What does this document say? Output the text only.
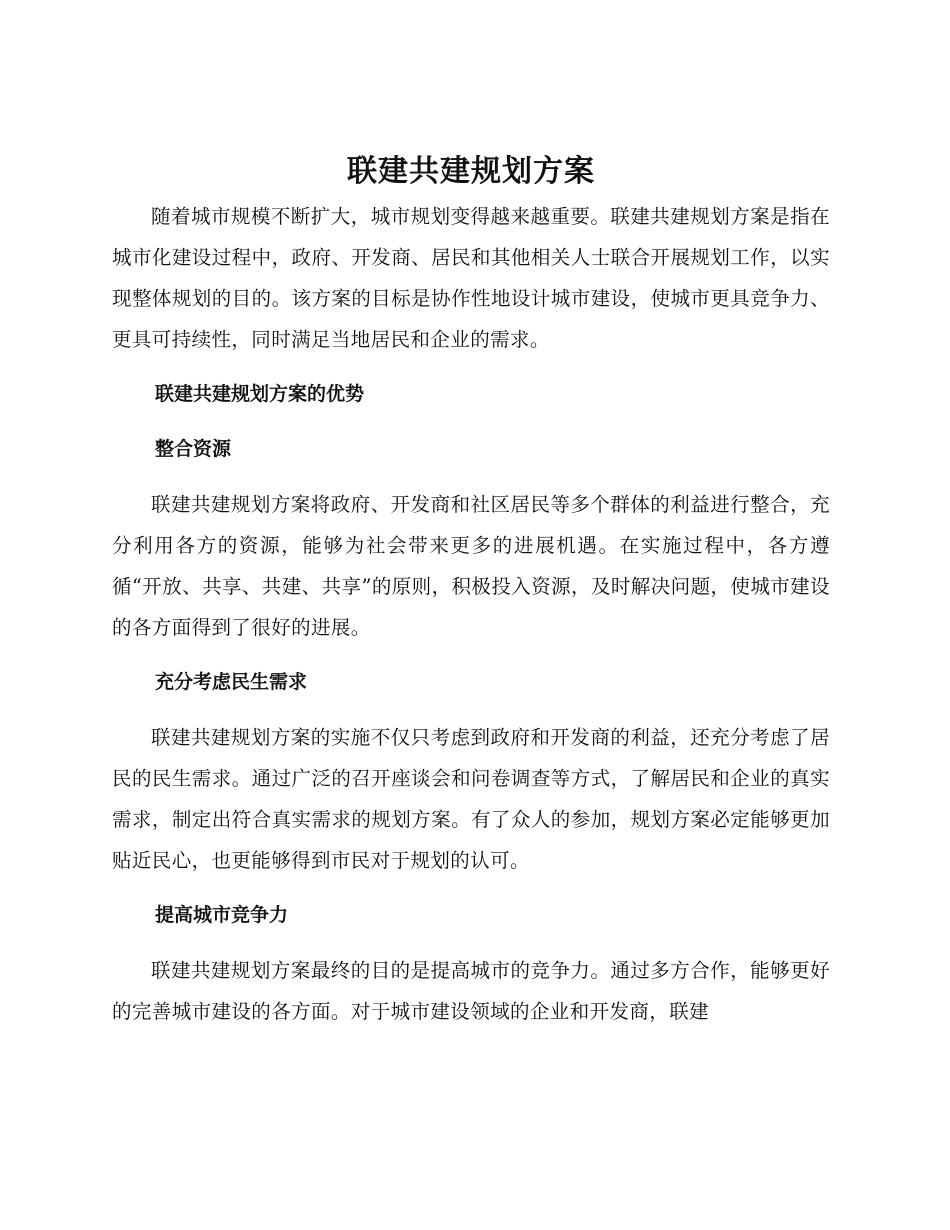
联建共建规划方案

随着城市规模不断扩大，城市规划变得越来越重要。联建共建规划方案是指在城市化建设过程中，政府、开发商、居民和其他相关人士联合开展规划工作，以实现整体规划的目的。该方案的目标是协作性地设计城市建设，使城市更具竞争力、更具可持续性，同时满足当地居民和企业的需求。

联建共建规划方案的优势

整合资源

联建共建规划方案将政府、开发商和社区居民等多个群体的利益进行整合，充分利用各方的资源，能够为社会带来更多的进展机遇。在实施过程中，各方遵循“开放、共享、共建、共享”的原则，积极投入资源，及时解决问题，使城市建设的各方面得到了很好的进展。

充分考虑民生需求

联建共建规划方案的实施不仅只考虑到政府和开发商的利益，还充分考虑了居民的民生需求。通过广泛的召开座谈会和问卷调查等方式，了解居民和企业的真实需求，制定出符合真实需求的规划方案。有了众人的参加，规划方案必定能够更加贴近民心，也更能够得到市民对于规划的认可。

提高城市竞争力

联建共建规划方案最终的目的是提高城市的竞争力。通过多方合作，能够更好的完善城市建设的各方面。对于城市建设领域的企业和开发商，联建
